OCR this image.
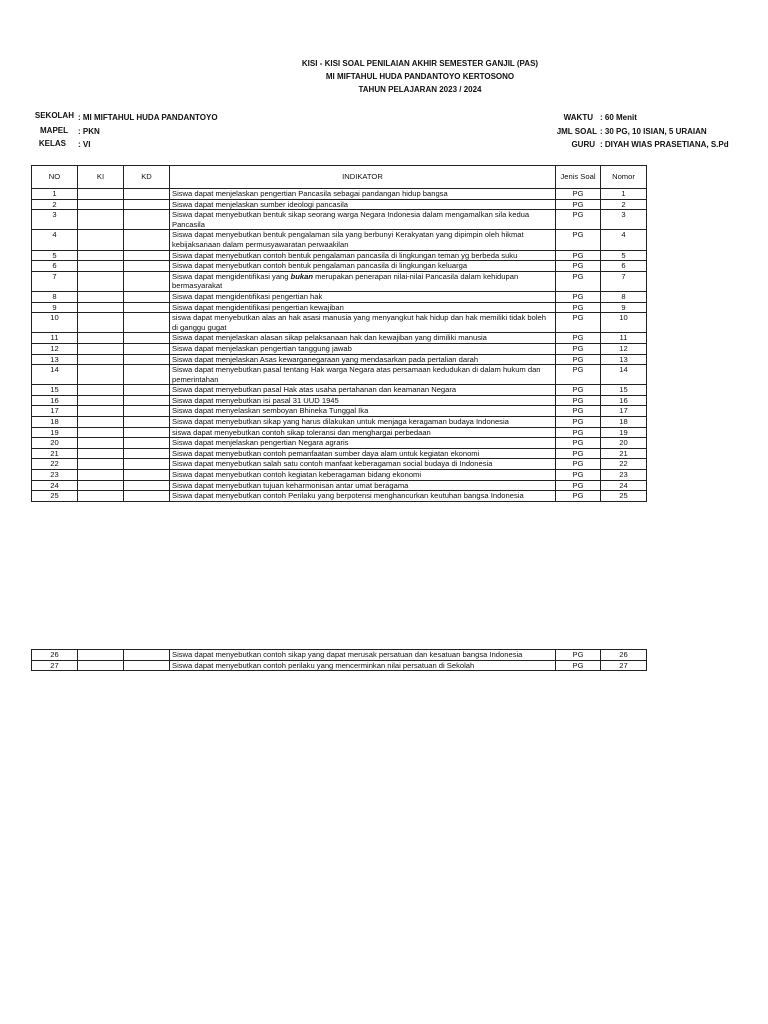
KISI - KISI SOAL PENILAIAN AKHIR SEMESTER GANJIL (PAS)
MI MIFTAHUL HUDA PANDANTOYO KERTOSONO
TAHUN PELAJARAN 2023 / 2024
SEKOLAH : MI MIFTAHUL HUDA PANDANTOYO
MAPEL : PKN
KELAS : VI
WAKTU : 60 Menit
JML SOAL : 30 PG, 10 ISIAN, 5 URAIAN
GURU : DIYAH WIAS PRASETIANA, S.Pd
NO	KI	KD	INDIKATOR	Jenis Soal	Nomor
1			Siswa dapat menjelaskan pengertian Pancasila sebagai pandangan hidup bangsa	PG	1
2			Siswa dapat menjelaskan sumber ideologi pancasila	PG	2
3			Siswa dapat menyebutkan bentuk sikap seorang warga Negara Indonesia dalam mengamalkan sila kedua Pancasila	PG	3
4			Siswa dapat menyebutkan bentuk pengalaman sila yang berbunyi Kerakyatan yang dipimpin oleh hikmat kebijaksanaan dalam permusyawaratan perwaakilan	PG	4
5			Siswa dapat menyebutkan contoh bentuk pengalaman pancasila di lingkungan teman yg berbeda suku	PG	5
6			Siswa dapat menyebutkan contoh bentuk pengalaman pancasila di lingkungan keluarga	PG	6
7			Siswa dapat mengidentifikasi yang bukan merupakan penerapan nilai-nilai Pancasila dalam kehidupan bermasyarakat	PG	7
8			Siswa dapat mengidentifikasi pengertian hak	PG	8
9			Siswa dapat mengidentifikasi pengertian kewajiban	PG	9
10			siswa dapat menyebutkan alas an hak asasi manusia yang menyangkut hak hidup dan hak memiliki tidak boleh di ganggu gugat	PG	10
11			Siswa dapat menjelaskan alasan sikap pelaksanaan hak dan kewajiban yang dimiliki manusia	PG	11
12			Siswa dapat menjelaskan pengertian tanggung jawab	PG	12
13			Siswa dapat menjelaskan Asas kewarganegaraan yang mendasarkan pada pertalian darah	PG	13
14			Siswa dapat menyebutkan pasal tentang Hak warga Negara atas persamaan kedudukan di dalam hukum dan pemerintahan	PG	14
15			Siswa dapat menyebutkan pasal Hak atas usaha pertahanan dan keamanan Negara	PG	15
16			Siswa dapat menyebutkan isi pasal 31 UUD 1945	PG	16
17			Siswa dapat menyelaskan semboyan Bhineka Tunggal Ika	PG	17
18			Siswa dapat menyebutkan sikap yang harus dilakukan untuk menjaga keragaman budaya Indonesia	PG	18
19			siswa dapat menyebutkan contoh sikap toleransi dan menghargai perbedaan	PG	19
20			Siswa dapat menjelaskan pengertian Negara agraris	PG	20
21			Siswa dapat menyebutkan contoh pemanfaatan sumber daya alam untuk kegiatan ekonomi	PG	21
22			Siswa dapat menyebutkan salah satu contoh manfaat keberagaman social budaya di Indonesia	PG	22
23			Siswa dapat menyebutkan contoh kegiatan keberagaman bidang ekonomi	PG	23
24			Siswa dapat menyebutkan tujuan keharmonisan antar umat beragama	PG	24
25			Siswa dapat menyebutkan contoh Perilaku yang berpotensi menghancurkan keutuhan bangsa Indonesia	PG	25
26			Siswa dapat menyebutkan contoh sikap yang dapat merusak persatuan dan kesatuan bangsa Indonesia	PG	26
27			Siswa dapat menyebutkan contoh perilaku yang mencerminkan nilai persatuan di Sekolah	PG	27
